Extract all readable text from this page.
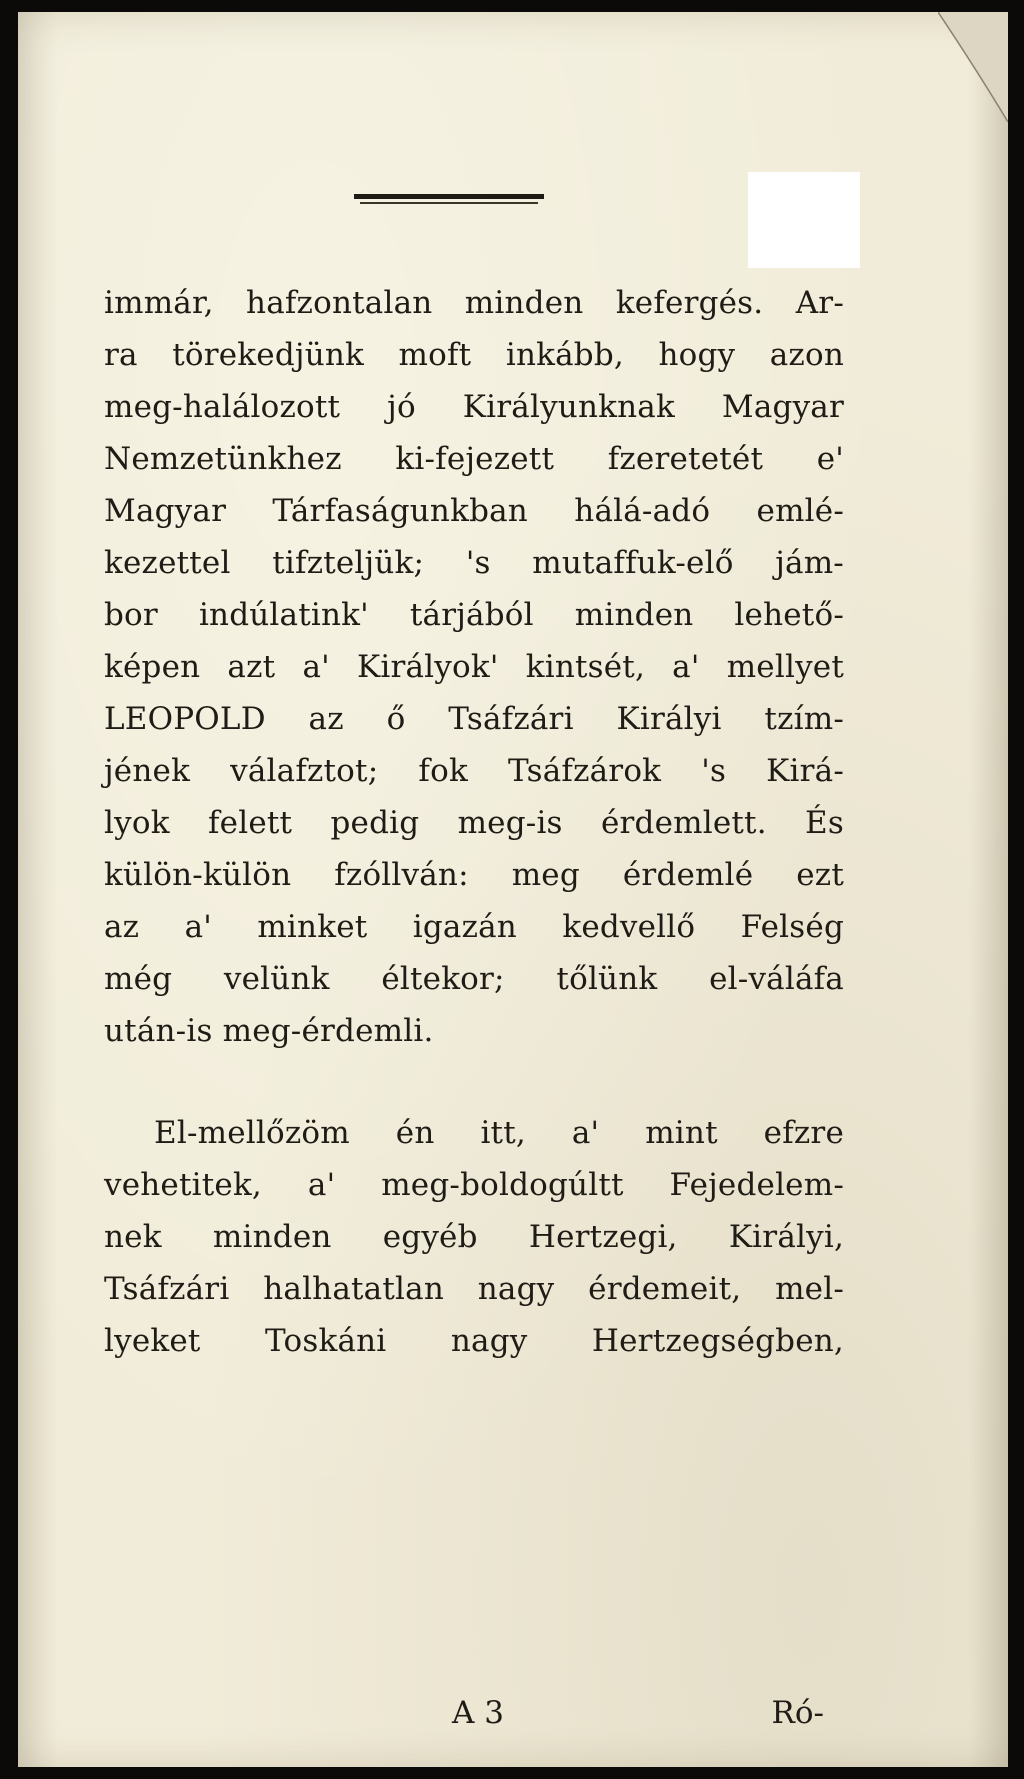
immár, hafzontalan minden kefergés. Ar-
ra törekedjünk moft inkább, hogy azon
meg-halálozott jó Királyunknak Magyar
Nemzetünkhez ki-fejezett fzeretetét e'
Magyar Tárfaságunkban hálá-adó emlé-
kezettel tifzteljük; 's mutaffuk-elő jám-
bor indúlatink' tárjából minden lehető-
képen azt a' Királyok' kintsét, a' mellyet
LEOPOLD az ő Tsáfzári Királyi tzím-
jének válafztot; fok Tsáfzárok 's Kirá-
lyok felett pedig meg-is érdemlett. És
külön-külön fzóllván: meg érdemlé ezt
az a' minket igazán kedvellő Felség
még velünk éltekor; tőlünk el-váláfa
után-is meg-érdemli.
El-mellőzöm én itt, a' mint efzre
vehetitek, a' meg-boldogúltt Fejedelem-
nek minden egyéb Hertzegi, Királyi,
Tsáfzári halhatatlan nagy érdemeit, mel-
lyeket Toskáni nagy Hertzegségben,
A 3	Ró-
